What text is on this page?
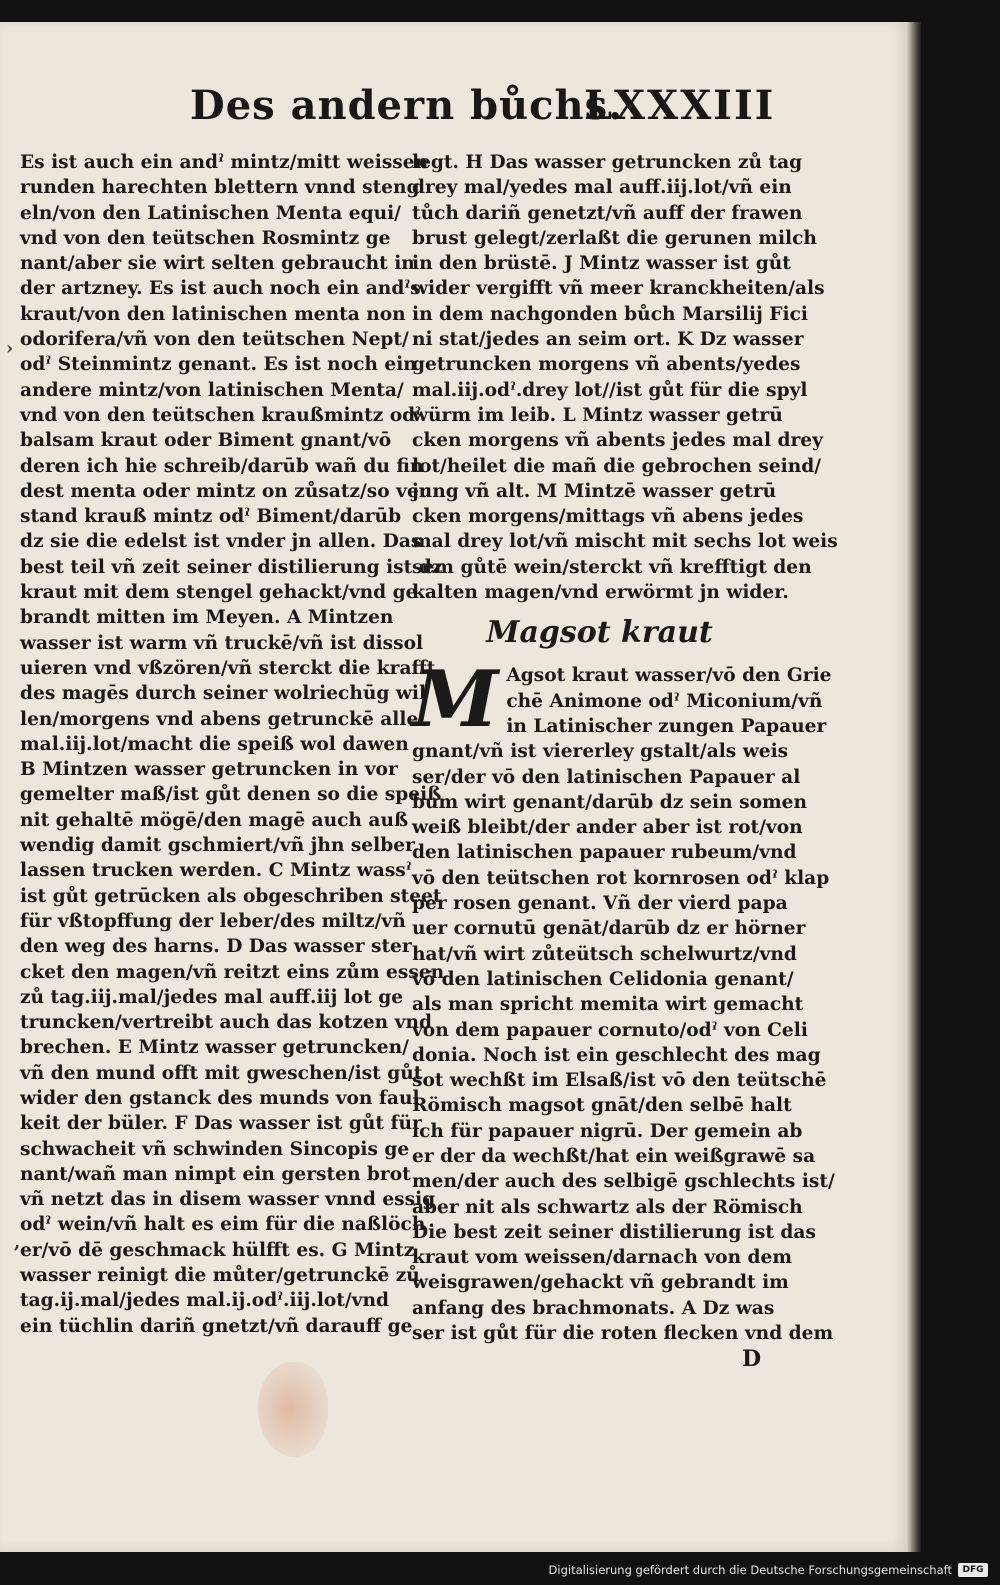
Des andern bůchs.
LXXXIII
Es ist auch ein andˀ mintz/mitt weissen
runden harechten blettern vnnd steng
eln/von den Latinischen Menta equi/
vnd von den teütschen Rosmintz ge
nant/aber sie wirt selten gebraucht in
der artzney. Es ist auch noch ein andˀs
kraut/von den latinischen menta non
odorifera/vñ von den teütschen Nept/
odˀ Steinmintz genant. Es ist noch ein
andere mintz/von latinischen Menta/
vnd von den teütschen kraußmintz odˀ
balsam kraut oder Biment gnant/vō
deren ich hie schreib/darūb wañ du fin
dest menta oder mintz on zůsatz/so ver
stand krauß mintz odˀ Biment/darūb
dz sie die edelst ist vnder jn allen. Das
best teil vñ zeit seiner distilierung ist dz
kraut mit dem stengel gehackt/vnd ge
brandt mitten im Meyen. A Mintzen
wasser ist warm vñ truckē/vñ ist dissol
uieren vnd vßzören/vñ sterckt die krafft
des magēs durch seiner wolriechūg wil
len/morgens vnd abens getrunckē alle
mal.iij.lot/macht die speiß wol dawen
B Mintzen wasser getruncken in vor
gemelter maß/ist gůt denen so die speiß
nit gehaltē mögē/den magē auch auß
wendig damit gschmiert/vñ jhn selber
lassen trucken werden. C Mintz wassˀ
ist gůt getrūcken als obgeschriben steet
für vßtopffung der leber/des miltz/vñ
den weg des harns. D Das wasser ster
cket den magen/vñ reitzt eins zům essen
zů tag.iij.mal/jedes mal auff.iij lot ge
truncken/vertreibt auch das kotzen vnd
brechen. E Mintz wasser getruncken/
vñ den mund offt mit gweschen/ist gůt
wider den gstanck des munds von faul
keit der büler. F Das wasser ist gůt für
schwacheit vñ schwinden Sincopis ge
nant/wañ man nimpt ein gersten brot
vñ netzt das in disem wasser vnnd essig
odˀ wein/vñ halt es eim für die naßlöch
er/vō dē geschmack hülfft es. G Mintz
wasser reinigt die můter/getrunckē zů
tag.ij.mal/jedes mal.ij.odˀ.iij.lot/vnd
ein tüchlin dariñ gnetzt/vñ darauff ge
legt. H Das wasser getruncken zů tag
drey mal/yedes mal auff.iij.lot/vñ ein
tůch dariñ genetzt/vñ auff der frawen
brust gelegt/zerlaßt die gerunen milch
in den brüstē. J Mintz wasser ist gůt
wider vergifft vñ meer kranckheiten/als
in dem nachgonden bůch Marsilij Fici
ni stat/jedes an seim ort. K Dz wasser
getruncken morgens vñ abents/yedes
mal.iij.odˀ.drey lot//ist gůt für die spyl
würm im leib. L Mintz wasser getrū
cken morgens vñ abents jedes mal drey
lot/heilet die mañ die gebrochen seind/
jung vñ alt. M Mintzē wasser getrū
cken morgens/mittags vñ abens jedes
mal drey lot/vñ mischt mit sechs lot weis
sem gůtē wein/sterckt vñ krefftigt den
kalten magen/vnd erwörmt jn wider.
Magsot kraut
M Agsot kraut wasser/vō den Grie
chē Animone odˀ Miconium/vñ
in Latinischer zungen Papauer
gnant/vñ ist viererley gstalt/als weis
ser/der vō den latinischen Papauer al
bum wirt genant/darūb dz sein somen
weiß bleibt/der ander aber ist rot/von
den latinischen papauer rubeum/vnd
vō den teütschen rot kornrosen odˀ klap
per rosen genant. Vñ der vierd papa
uer cornutū genāt/darūb dz er hörner
hat/vñ wirt zůteütsch schelwurtz/vnd
vō den latinischen Celidonia genant/
als man spricht memita wirt gemacht
von dem papauer cornuto/odˀ von Celi
donia. Noch ist ein geschlecht des mag
sot wechßt im Elsaß/ist vō den teütschē
Römisch magsot gnāt/den selbē halt
ich für papauer nigrū. Der gemein ab
er der da wechßt/hat ein weißgrawē sa
men/der auch des selbigē gschlechts ist/
aber nit als schwartz als der Römisch
Die best zeit seiner distilierung ist das
kraut vom weissen/darnach von dem
weisgrawen/gehackt vñ gebrandt im
anfang des brachmonats. A Dz was
ser ist gůt für die roten flecken vnd dem
D
›
,
Digitalisierung gefördert durch die Deutsche Forschungsgemeinschaft	DFG
